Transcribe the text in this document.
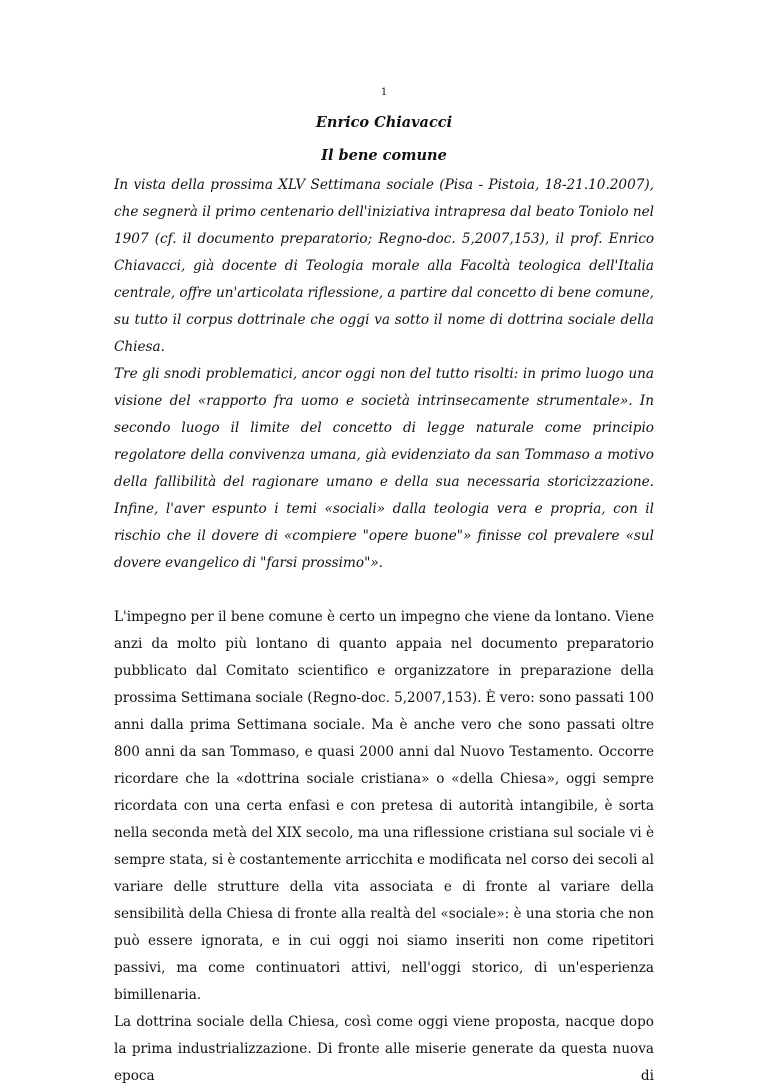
1
Enrico Chiavacci
Il bene comune

In vista della prossima XLV Settimana sociale (Pisa - Pistoia, 18-21.10.2007), che segnerà il primo centenario dell'iniziativa intrapresa dal beato Toniolo nel 1907 (cf. il documento preparatorio; Regno-doc. 5,2007,153), il prof. Enrico Chiavacci, già docente di Teologia morale alla Facoltà teologica dell'Italia centrale, offre un'articolata riflessione, a partire dal concetto di bene comune, su tutto il corpus dottrinale che oggi va sotto il nome di dottrina sociale della Chiesa.

Tre gli snodi problematici, ancor oggi non del tutto risolti: in primo luogo una visione del «rapporto fra uomo e società intrinsecamente strumentale». In secondo luogo il limite del concetto di legge naturale come principio regolatore della convivenza umana, già evidenziato da san Tommaso a motivo della fallibilità del ragionare umano e della sua necessaria storicizzazione. Infine, l'aver espunto i temi «sociali» dalla teologia vera e propria, con il rischio che il dovere di «compiere "opere buone"» finisse col prevalere «sul dovere evangelico di "farsi prossimo"».

L'impegno per il bene comune è certo un impegno che viene da lontano. Viene anzi da molto più lontano di quanto appaia nel documento preparatorio pubblicato dal Comitato scientifico e organizzatore in preparazione della prossima Settimana sociale (Regno-doc. 5,2007,153). È vero: sono passati 100 anni dalla prima Settimana sociale. Ma è anche vero che sono passati oltre 800 anni da san Tommaso, e quasi 2000 anni dal Nuovo Testamento. Occorre ricordare che la «dottrina sociale cristiana» o «della Chiesa», oggi sempre ricordata con una certa enfasi e con pretesa di autorità intangibile, è sorta nella seconda metà del XIX secolo, ma una riflessione cristiana sul sociale vi è sempre stata, si è costantemente arricchita e modificata nel corso dei secoli al variare delle strutture della vita associata e di fronte al variare della sensibilità della Chiesa di fronte alla realtà del «sociale»: è una storia che non può essere ignorata, e in cui oggi noi siamo inseriti non come ripetitori passivi, ma come continuatori attivi, nell'oggi storico, di un'esperienza bimillenaria.

La dottrina sociale della Chiesa, così come oggi viene proposta, nacque dopo la prima industrializzazione. Di fronte alle miserie generate da questa nuova epoca di
